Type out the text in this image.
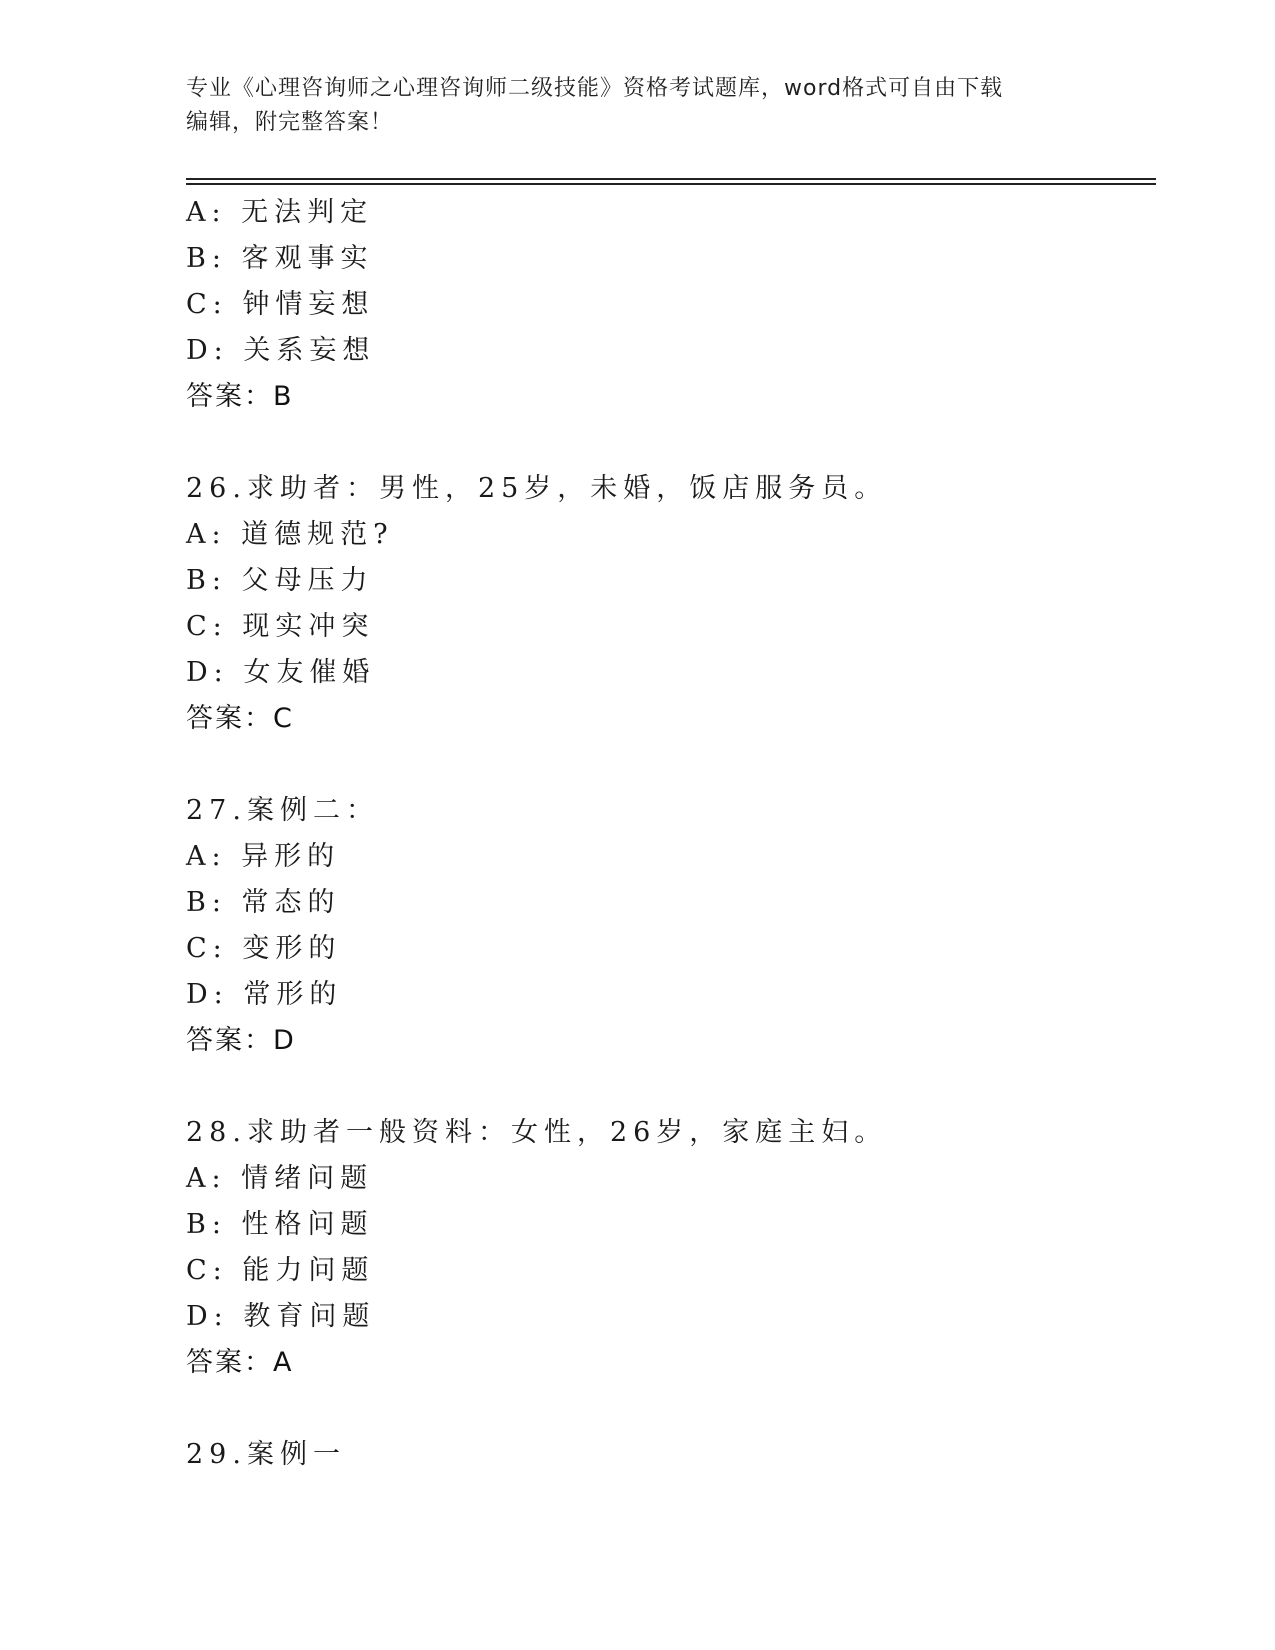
专业《心理咨询师之心理咨询师二级技能》资格考试题库，word格式可自由下载
编辑，附完整答案！
A: 无法判定
B: 客观事实
C: 钟情妄想
D: 关系妄想
答案：B
26.求助者：男性，25岁，未婚，饭店服务员。
A: 道德规范?
B: 父母压力
C: 现实冲突
D: 女友催婚
答案：C
27.案例二：
A: 异形的
B: 常态的
C: 变形的
D: 常形的
答案：D
28.求助者一般资料：女性，26岁，家庭主妇。
A: 情绪问题
B: 性格问题
C: 能力问题
D: 教育问题
答案：A
29.案例一
